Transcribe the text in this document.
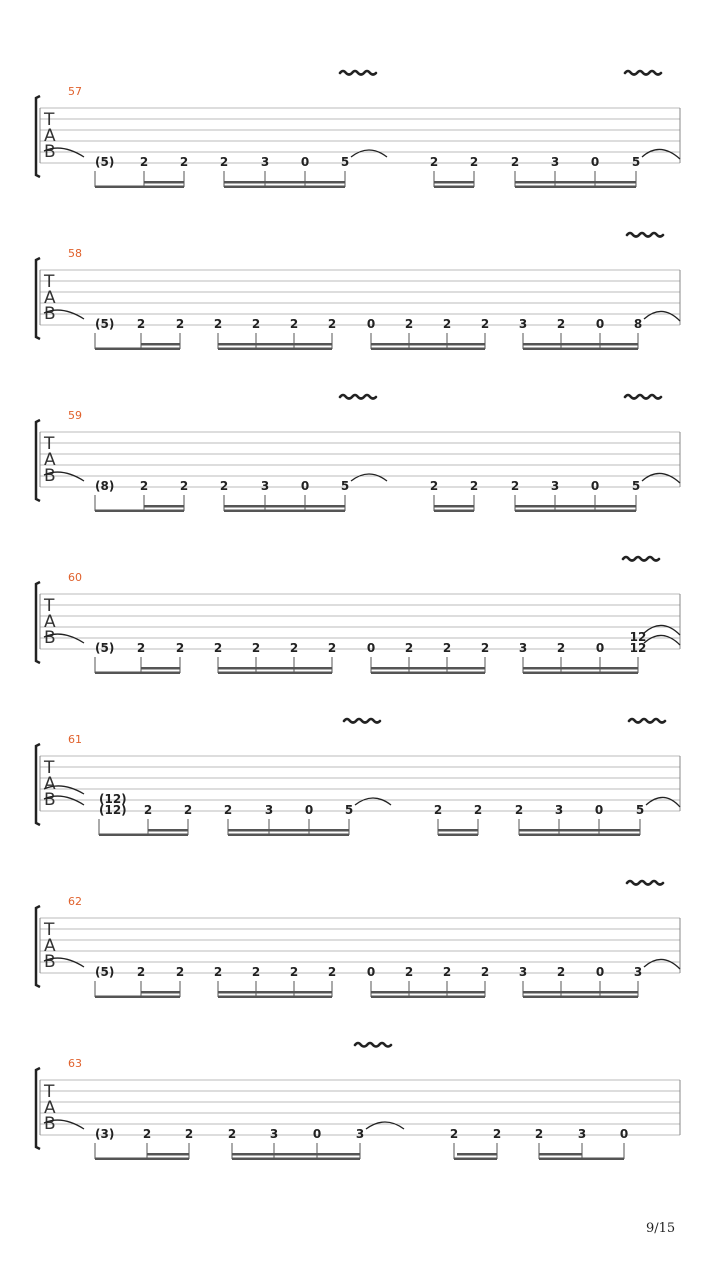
T
A
B
57
(5) 2	2	2	3	0	5	2	2	2	3	0	5
T
A
B
58
(5) 2	2 2 2 2 2	0 2 2 2 3 2	0 8
T
A
B
59
(8) 2	2	2	3	0	5	2	2	2	3	0	5
T
A
B
60
(5) 2	2 2 2 2 2	0 2 2 2 3 2	0 12
12
T
A
B
61
(12) 2	2	2	3	0	5	2	2	2	3	0	5
(12)
T
A
B
62
(5) 2	2 2 2 2 2	0 2 2 2 3 2	0 3
T
A
B
63
(3) 2	2	2	3	0	3	2	2	2	3	0
9/15
